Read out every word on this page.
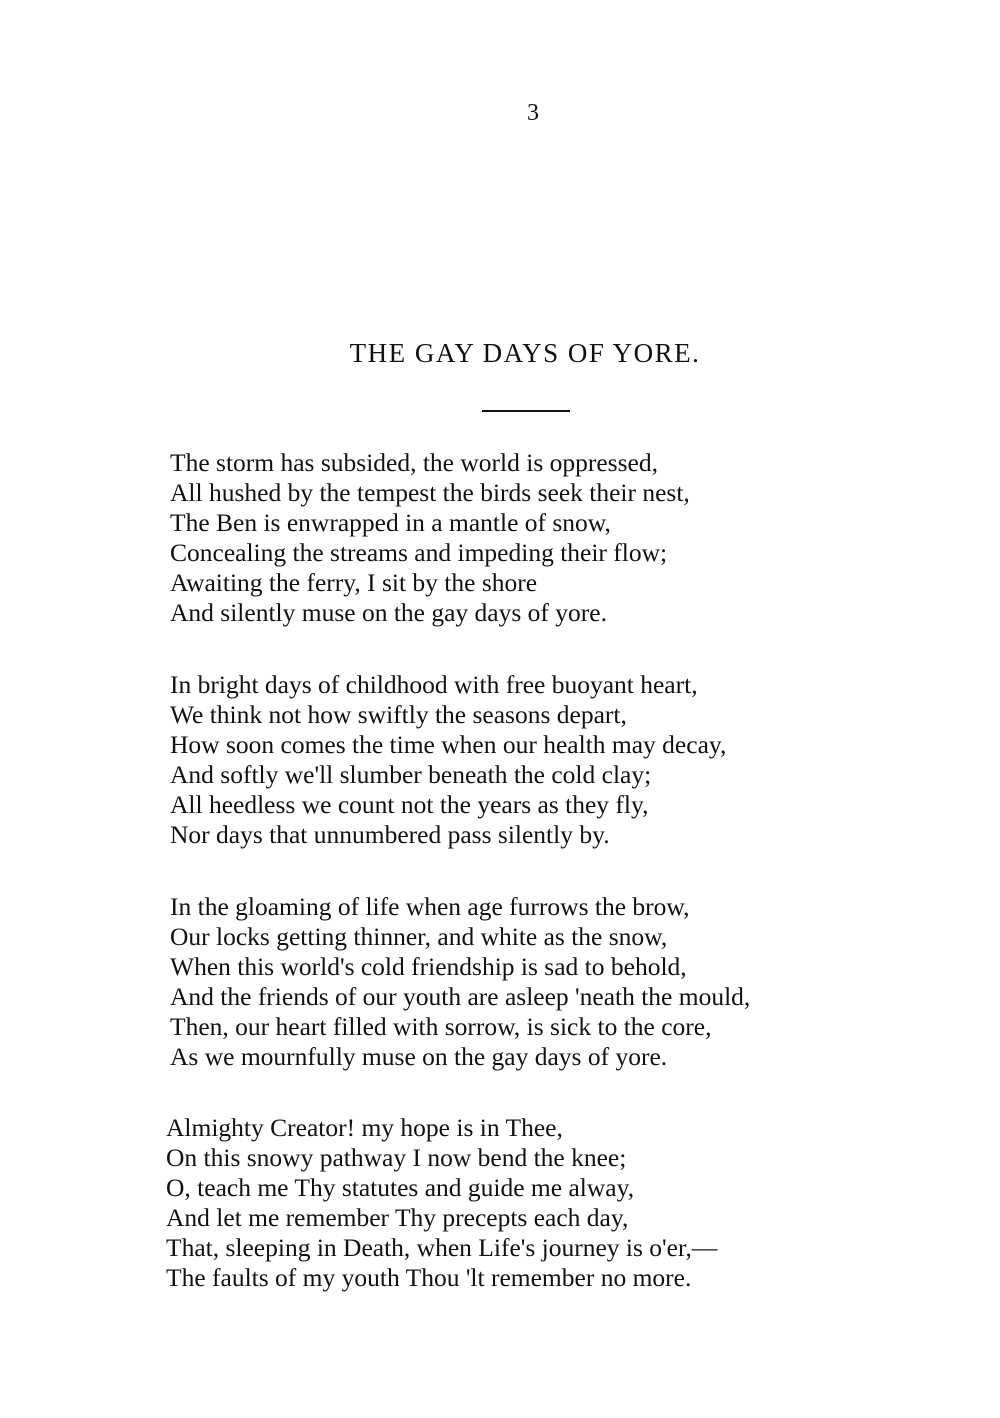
3
THE GAY DAYS OF YORE.
The storm has subsided, the world is oppressed,
All hushed by the tempest the birds seek their nest,
The Ben is enwrapped in a mantle of snow,
Concealing the streams and impeding their flow;
Awaiting the ferry, I sit by the shore
And silently muse on the gay days of yore.
In bright days of childhood with free buoyant heart,
We think not how swiftly the seasons depart,
How soon comes the time when our health may decay,
And softly we'll slumber beneath the cold clay;
All heedless we count not the years as they fly,
Nor days that unnumbered pass silently by.
In the gloaming of life when age furrows the brow,
Our locks getting thinner, and white as the snow,
When this world's cold friendship is sad to behold,
And the friends of our youth are asleep 'neath the mould,
Then, our heart filled with sorrow, is sick to the core,
As we mournfully muse on the gay days of yore.
Almighty Creator! my hope is in Thee,
On this snowy pathway I now bend the knee;
O, teach me Thy statutes and guide me alway,
And let me remember Thy precepts each day,
That, sleeping in Death, when Life's journey is o'er,—
The faults of my youth Thou 'lt remember no more.
